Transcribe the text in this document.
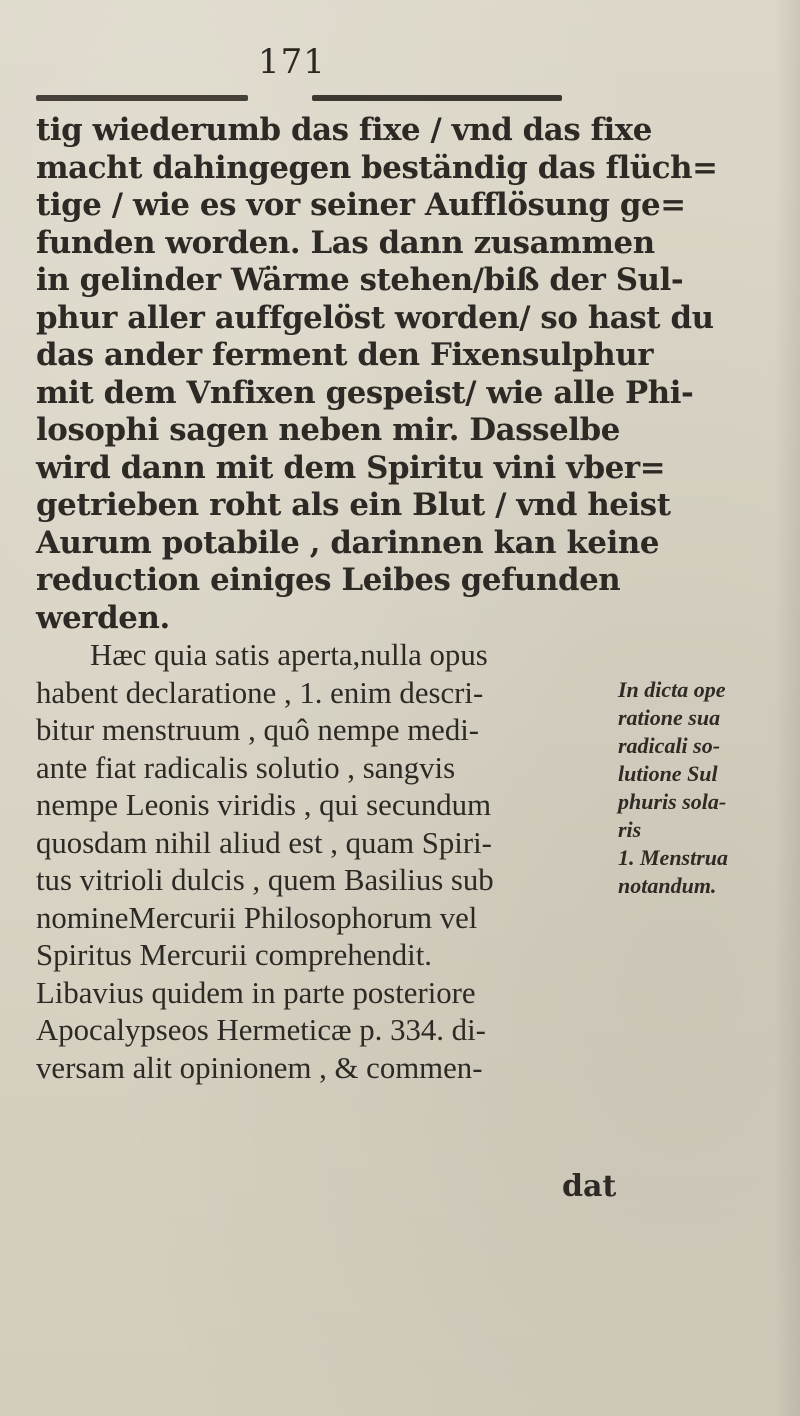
171
tig wiederumb das fixe / vnd das fixe
macht dahingegen beständig das flüch=
tige / wie es vor seiner Aufflösung ge=
funden worden. Las dann zusammen
in gelinder Wärme stehen/biß der Sul-
phur aller auffgelöst worden/ so hast du
das ander ferment den Fixensulphur
mit dem Vnfixen gespeist/ wie alle Phi-
losophi sagen neben mir. Dasselbe
wird dann mit dem Spiritu vini vber=
getrieben roht als ein Blut / vnd heist
Aurum potabile , darinnen kan keine
reduction einiges Leibes gefunden
werden.
Hæc quia satis aperta,nulla opus
habent declaratione , 1. enim descri-
bitur menstruum , quô nempe medi-
ante fiat radicalis solutio , sangvis
nempe Leonis viridis , qui secundum
quosdam nihil aliud est , quam Spiri-
tus vitrioli dulcis , quem Basilius sub
nomineMercurii Philosophorum vel
Spiritus Mercurii comprehendit.
Libavius quidem in parte posteriore
Apocalypseos Hermeticæ p. 334. di-
versam alit opinionem , & commen-
dat
In dicta ope
ratione sua
radicali so-
lutione Sul
phuris sola-
ris
1. Menstrua
notandum.
